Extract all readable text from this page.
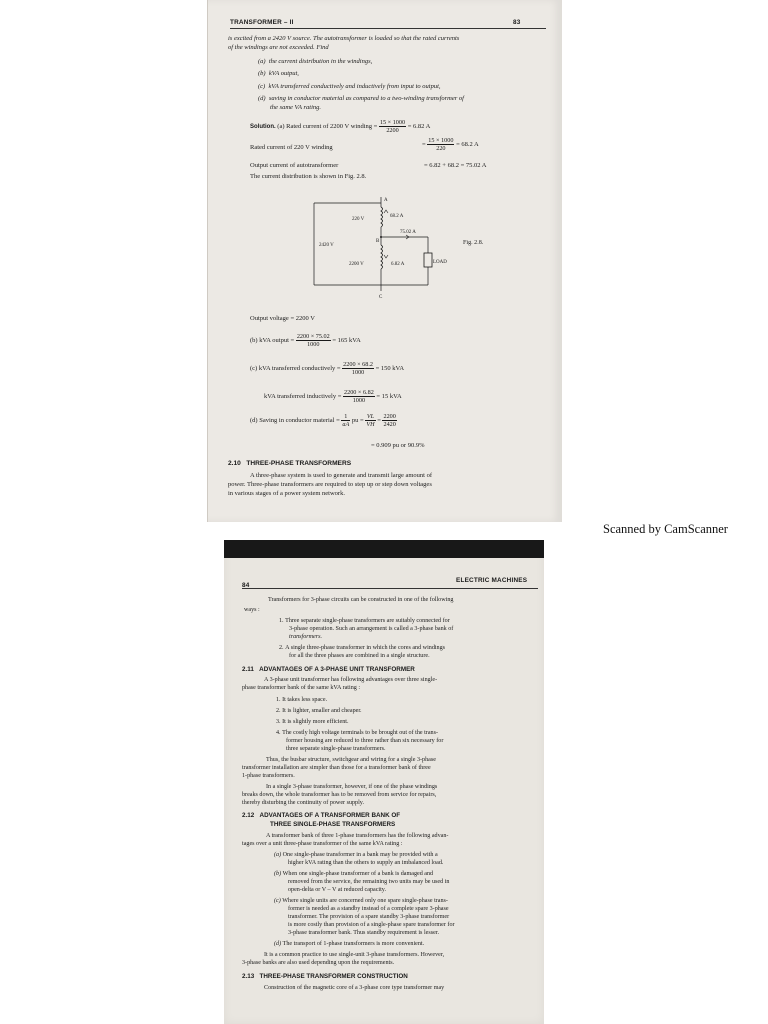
TRANSFORMER – II	83
is excited from a 2420 V source. The autotransformer is loaded so that the rated currents
of the windings are not exceeded. Find
(a) the current distribution in the windings,
(b) kVA output,
(c) kVA transferred conductively and inductively from input to output,
(d) saving in conductor material as compared to a two-winding transformer of
the same VA rating.
Solution. (a) Rated current of 2200 V winding = $\frac{15 \times 1000}{2200} = 6.82$ A
Rated current of 220 V winding	= $\frac{15 \times 1000}{220} = 68.2$ A
Output current of autotransformer	= 6.82 + 68.2 = 75.02 A
The current distribution is shown in Fig. 2.8.
A
B
C
220 V
2420 V
2200 V
68.2 A
75.02 A
6.82 A	LOAD
Fig. 2.8.
Output voltage = 2200 V
(b) kVA output = $\frac{2200 \times 75.02}{1000} = 165$ kVA
(c) kVA transferred conductively = $\frac{2200 \times 68.2}{1000} = 150$ kVA
kVA transferred inductively = $\frac{2200 \times 6.82}{1000} = 15$ kVA
(d) Saving in conductor material = $\frac{1}{aA}$ pu = $\frac{VL}{VH} = \frac{2200}{2420}$
= 0.909 pu or 90.9%
2.10 THREE-PHASE TRANSFORMERS
A three-phase system is used to generate and transmit large amount of
power. Three-phase transformers are required to step up or step down voltages
in various stages of a power system network.
Scanned by CamScanner
84
ELECTRIC MACHINES
Transformers for 3-phase circuits can be constructed in one of the following
ways :
1. Three separate single-phase transformers are suitably connected for
3-phase operation. Such an arrangement is called a 3-phase bank of
transformers.
2. A single three-phase transformer in which the cores and windings
for all the three phases are combined in a single structure.
2.11 ADVANTAGES OF A 3-PHASE UNIT TRANSFORMER
A 3-phase unit transformer has following advantages over three single-
phase transformer bank of the same kVA rating :
1. It takes less space.
2. It is lighter, smaller and cheaper.
3. It is slightly more efficient.
4. The costly high voltage terminals to be brought out of the trans-
former housing are reduced to three rather than six necessary for
three separate single-phase transformers.
Thus, the busbar structure, switchgear and wiring for a single 3-phase
transformer installation are simpler than those for a transformer bank of three
1-phase transformers.
In a single 3-phase transformer, however, if one of the phase windings
breaks down, the whole transformer has to be removed from service for repairs,
thereby disturbing the continuity of power supply.
2.12 ADVANTAGES OF A TRANSFORMER BANK OF
THREE SINGLE-PHASE TRANSFORMERS
A transformer bank of three 1-phase transformers has the following advan-
tages over a unit three-phase transformer of the same kVA rating :
(a) One single-phase transformer in a bank may be provided with a
higher kVA rating than the others to supply an imbalanced load.
(b) When one single-phase transformer of a bank is damaged and
removed from the service, the remaining two units may be used in
open-delta or V – V at reduced capacity.
(c) Where single units are concerned only one spare single-phase trans-
former is needed as a standby instead of a complete spare 3-phase
transformer. The provision of a spare standby 3-phase transformer
is more costly than provision of a single-phase spare transformer for
3-phase transformer bank. Thus standby requirement is lesser.
(d) The transport of 1-phase transformers is more convenient.
It is a common practice to use single-unit 3-phase transformers. However,
3-phase banks are also used depending upon the requirements.
2.13 THREE-PHASE TRANSFORMER CONSTRUCTION
Construction of the magnetic core of a 3-phase core type transformer may
